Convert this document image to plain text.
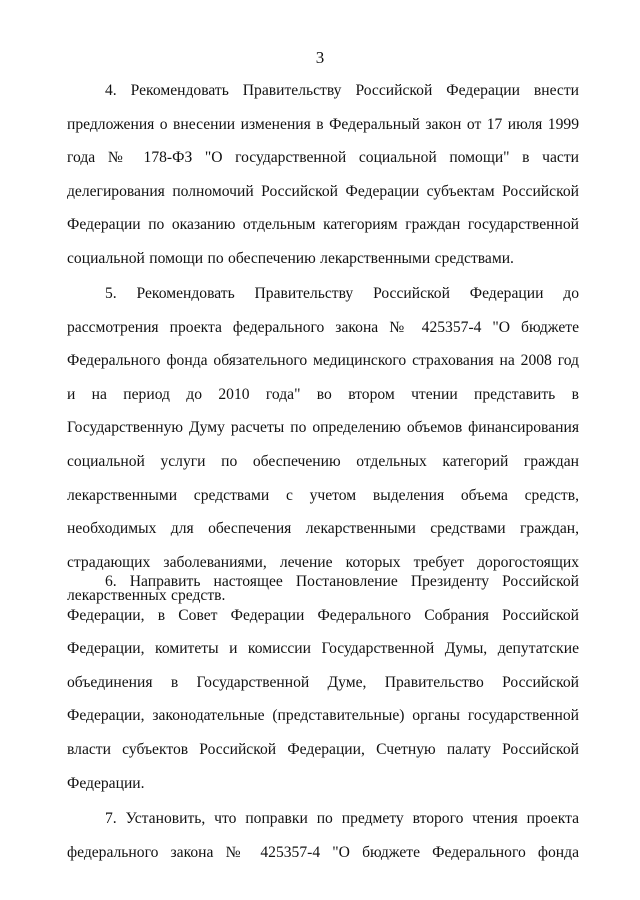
3
4. Рекомендовать Правительству Российской Федерации внести предложения о внесении изменения в Федеральный закон от 17 июля 1999 года № 178-ФЗ "О государственной социальной помощи" в части делегирования полномочий Российской Федерации субъектам Российской Федерации по оказанию отдельным категориям граждан государственной социальной помощи по обеспечению лекарственными средствами.
5. Рекомендовать Правительству Российской Федерации до рассмотрения проекта федерального закона № 425357-4 "О бюджете Федерального фонда обязательного медицинского страхования на 2008 год и на период до 2010 года" во втором чтении представить в Государственную Думу расчеты по определению объемов финансирования социальной услуги по обеспечению отдельных категорий граждан лекарственными средствами с учетом выделения объема средств, необходимых для обеспечения лекарственными средствами граждан, страдающих заболеваниями, лечение которых требует дорогостоящих лекарственных средств.
6. Направить настоящее Постановление Президенту Российской Федерации, в Совет Федерации Федерального Собрания Российской Федерации, комитеты и комиссии Государственной Думы, депутатские объединения в Государственной Думе, Правительство Российской Федерации, законодательные (представительные) органы государственной власти субъектов Российской Федерации, Счетную палату Российской Федерации.
7. Установить, что поправки по предмету второго чтения проекта федерального закона № 425357-4 "О бюджете Федерального фонда
